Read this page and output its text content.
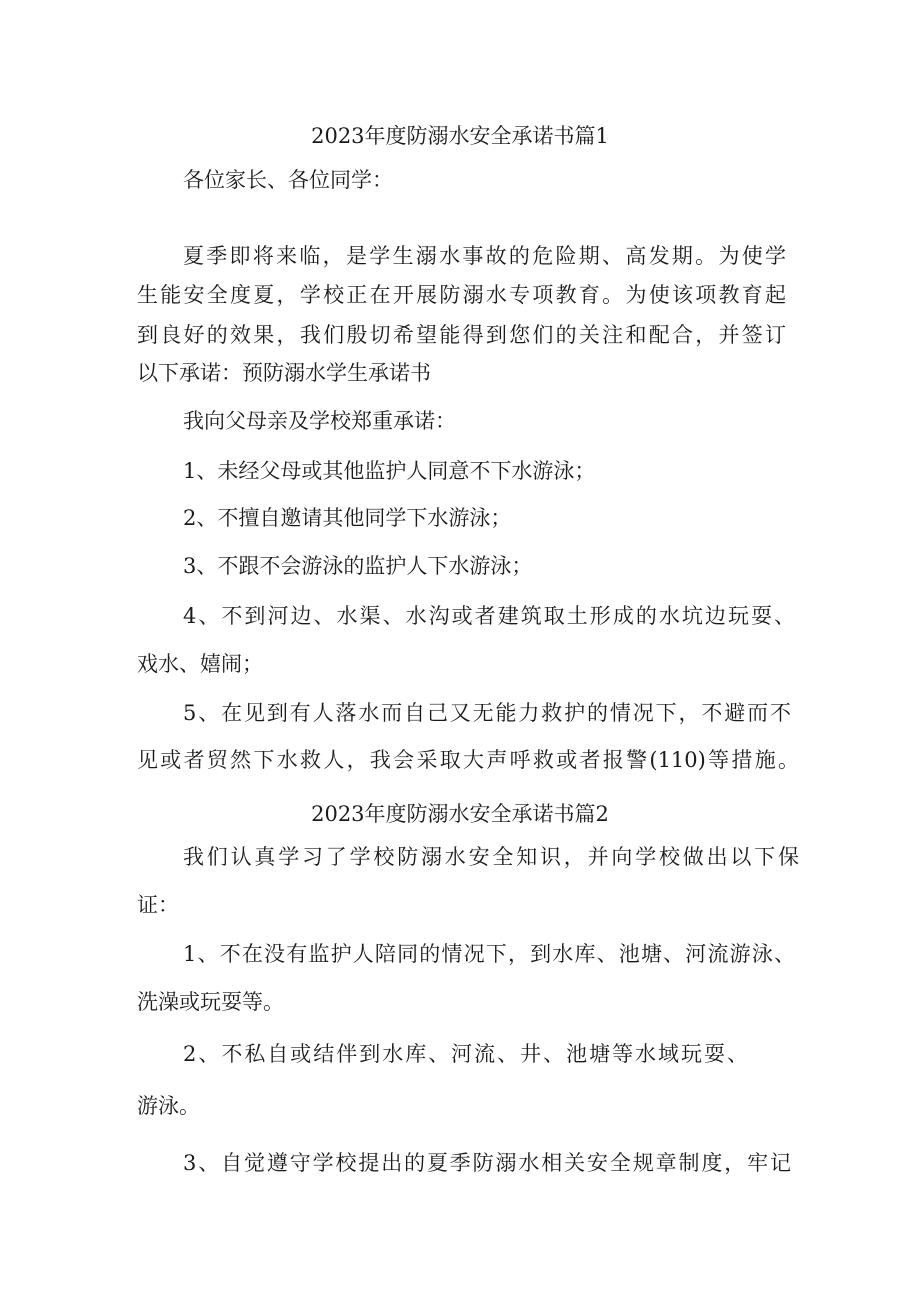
2023年度防溺水安全承诺书篇1
各位家长、各位同学：
夏季即将来临，是学生溺水事故的危险期、高发期。为使学
生能安全度夏，学校正在开展防溺水专项教育。为使该项教育起
到良好的效果，我们殷切希望能得到您们的关注和配合，并签订
以下承诺：预防溺水学生承诺书
我向父母亲及学校郑重承诺：
1、未经父母或其他监护人同意不下水游泳；
2、不擅自邀请其他同学下水游泳；
3、不跟不会游泳的监护人下水游泳；
4、不到河边、水渠、水沟或者建筑取土形成的水坑边玩耍、
戏水、嬉闹；
5、在见到有人落水而自己又无能力救护的情况下，不避而不
见或者贸然下水救人，我会采取大声呼救或者报警(110)等措施。
2023年度防溺水安全承诺书篇2
我们认真学习了学校防溺水安全知识，并向学校做出以下保
证：
1、不在没有监护人陪同的情况下，到水库、池塘、河流游泳、
洗澡或玩耍等。
2、不私自或结伴到水库、河流、井、池塘等水域玩耍、
游泳。
3、自觉遵守学校提出的夏季防溺水相关安全规章制度，牢记
